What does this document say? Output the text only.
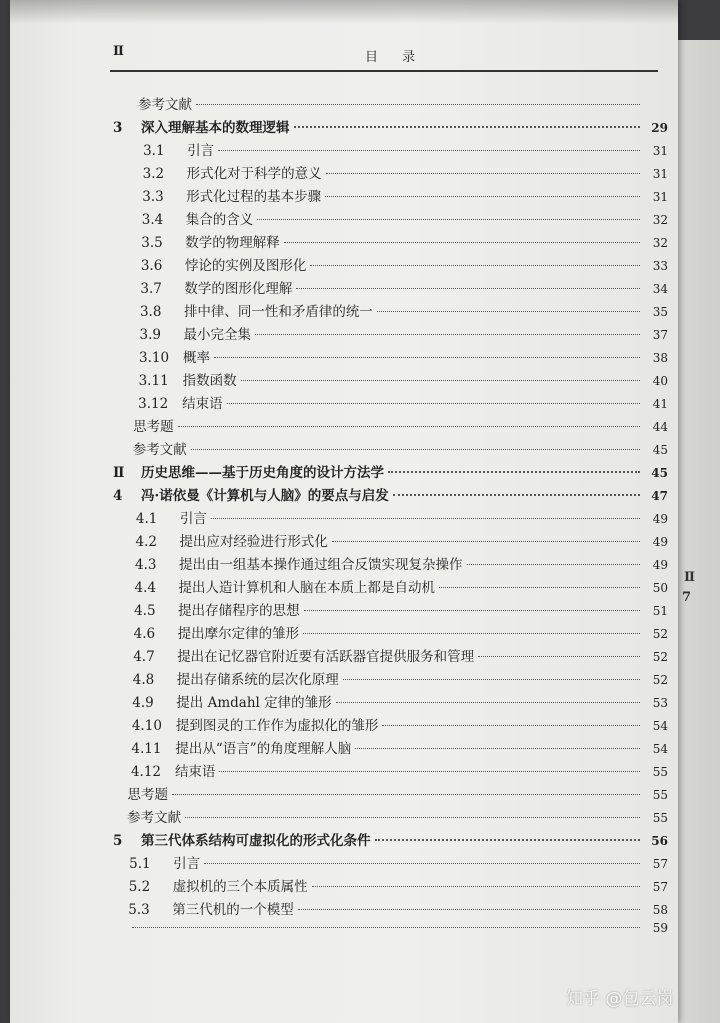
Ⅱ
7
Ⅱ	目 录
参考文献
3	深入理解基本的数理逻辑	29
3.1	引言	31
3.2	形式化对于科学的意义	31
3.3	形式化过程的基本步骤	31
3.4	集合的含义	32
3.5	数学的物理解释	32
3.6	悖论的实例及图形化	33
3.7	数学的图形化理解	34
3.8	排中律、同一性和矛盾律的统一	35
3.9	最小完全集	37
3.10	概率	38
3.11	指数函数	40
3.12	结束语	41
思考题	44
参考文献	45
Ⅱ	历史思维——基于历史角度的设计方法学	45
4	冯·诺依曼《计算机与人脑》的要点与启发	47
4.1	引言	49
4.2	提出应对经验进行形式化	49
4.3	提出由一组基本操作通过组合反馈实现复杂操作	49
4.4	提出人造计算机和人脑在本质上都是自动机	50
4.5	提出存储程序的思想	51
4.6	提出摩尔定律的雏形	52
4.7	提出在记忆器官附近要有活跃器官提供服务和管理	52
4.8	提出存储系统的层次化原理	52
4.9	提出 Amdahl 定律的雏形	53
4.10	提到图灵的工作作为虚拟化的雏形	54
4.11	提出从“语言”的角度理解人脑	54
4.12	结束语	55
思考题	55
参考文献	55
5	第三代体系结构可虚拟化的形式化条件	56
5.1	引言	57
5.2	虚拟机的三个本质属性	57
5.3	第三代机的一个模型	58
59
知乎 @包云岗
